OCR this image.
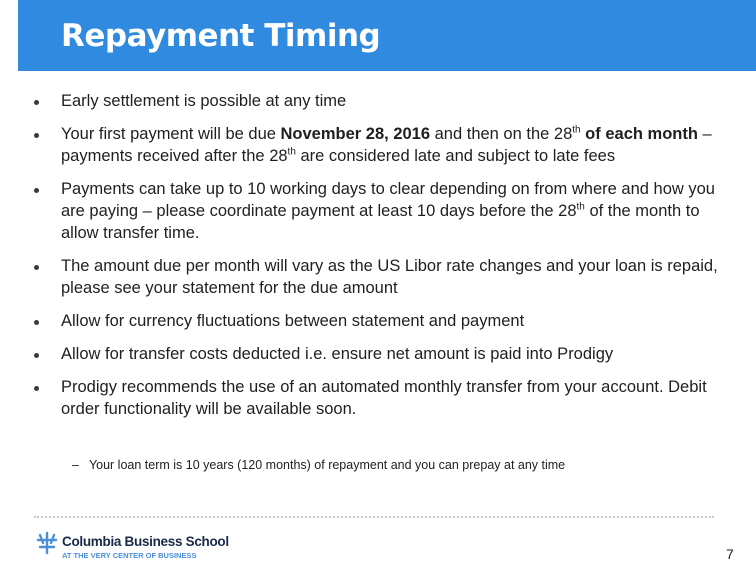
Repayment Timing
Early settlement is possible at any time
Your first payment will be due November 28, 2016 and then on the 28th of each month – payments received after the 28th are considered late and subject to late fees
Payments can take up to 10 working days to clear depending on from where and how you are paying – please coordinate payment at least 10 days before the 28th of the month to allow transfer time.
The amount due per month will vary as the US Libor rate changes and your loan is repaid, please see your statement for the due amount
Allow for currency fluctuations between statement and payment
Allow for transfer costs deducted i.e. ensure net amount is paid into Prodigy
Prodigy recommends the use of an automated monthly transfer from your account. Debit order functionality will be available soon.
– Your loan term is 10 years (120 months) of repayment and you can prepay at any time
Columbia Business School
AT THE VERY CENTER OF BUSINESS	7
